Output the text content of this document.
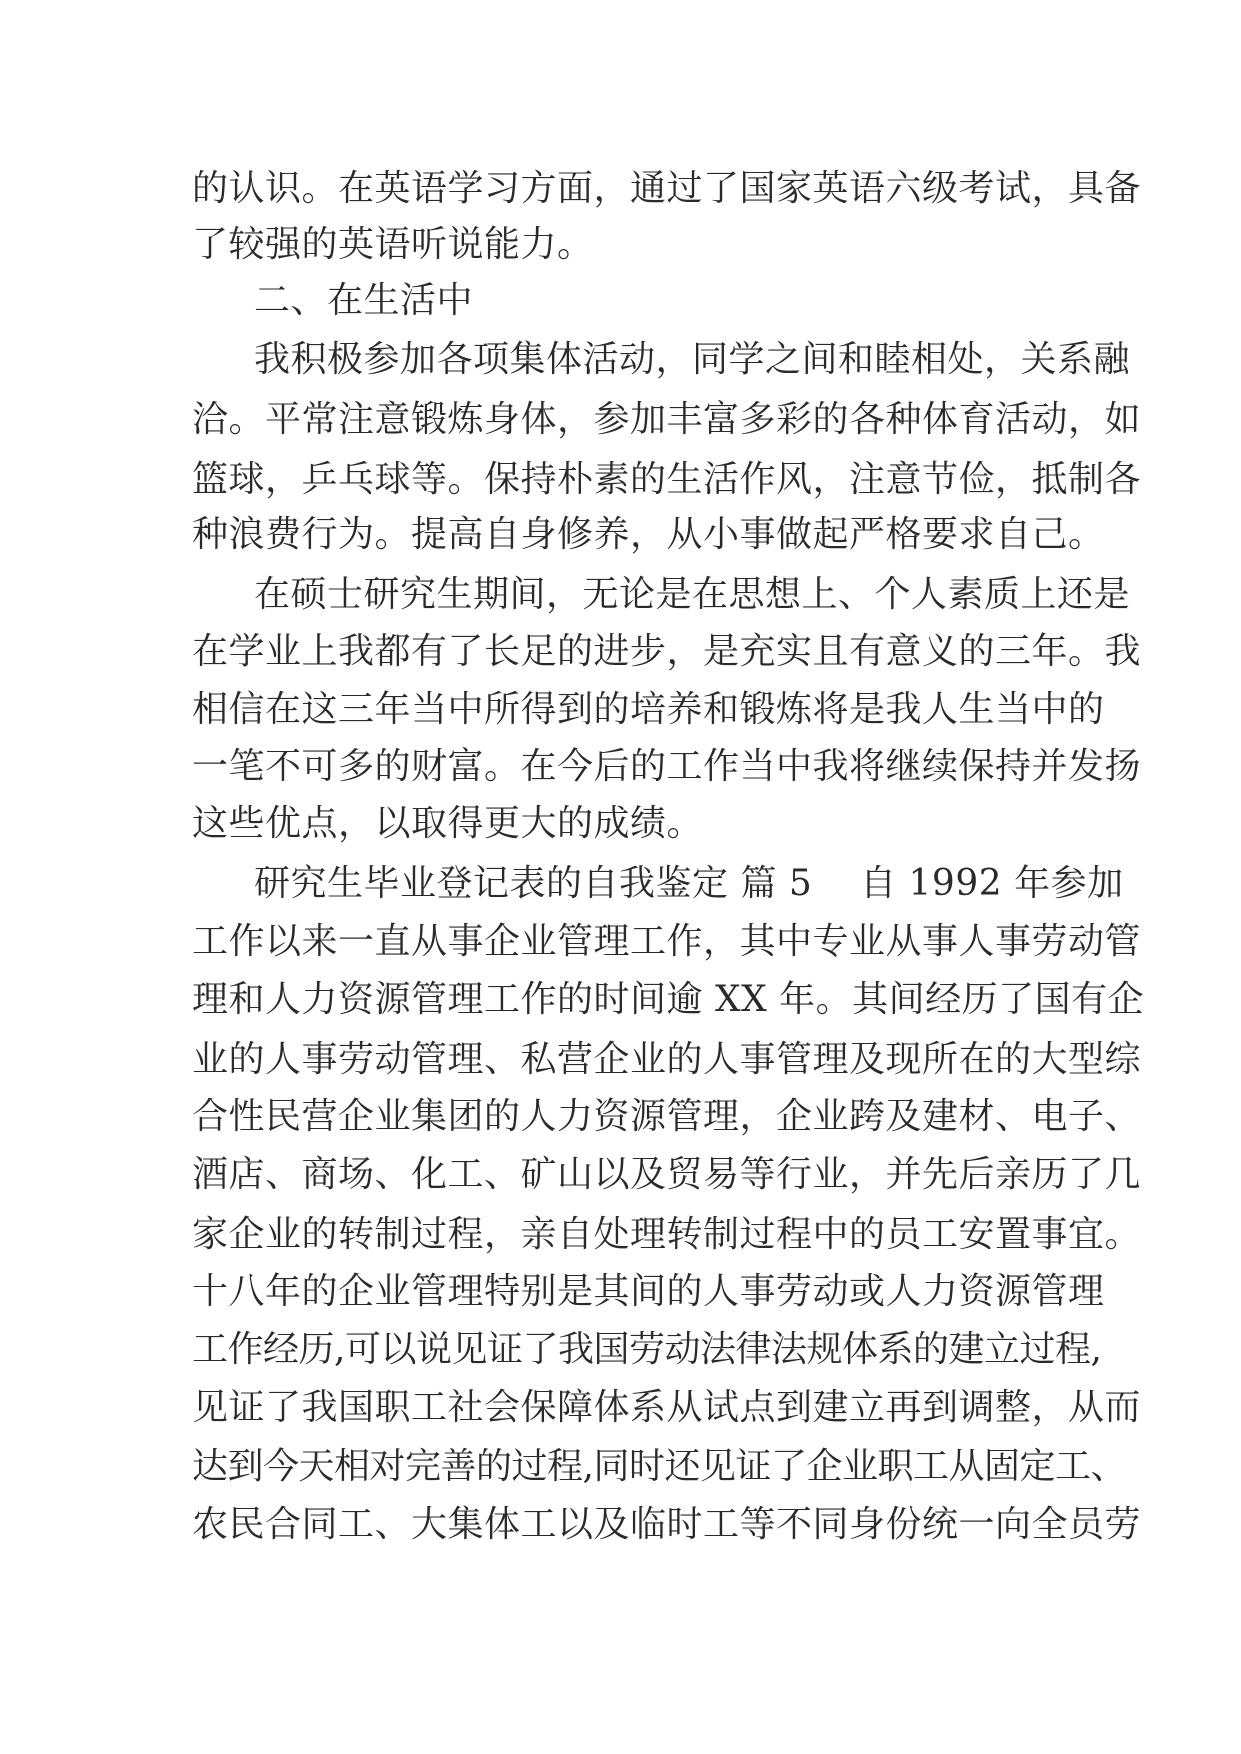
的认识。在英语学习方面，通过了国家英语六级考试，具备
了较强的英语听说能力。
二、在生活中
我积极参加各项集体活动，同学之间和睦相处，关系融
洽。平常注意锻炼身体，参加丰富多彩的各种体育活动，如
篮球，乒乓球等。保持朴素的生活作风，注意节俭，抵制各
种浪费行为。提高自身修养，从小事做起严格要求自己。
在硕士研究生期间，无论是在思想上、个人素质上还是
在学业上我都有了长足的进步，是充实且有意义的三年。我
相信在这三年当中所得到的培养和锻炼将是我人生当中的
一笔不可多的财富。在今后的工作当中我将继续保持并发扬
这些优点，以取得更大的成绩。
研究生毕业登记表的自我鉴定 篇 5    自 1992 年参加
工作以来一直从事企业管理工作，其中专业从事人事劳动管
理和人力资源管理工作的时间逾 XX 年。其间经历了国有企
业的人事劳动管理、私营企业的人事管理及现所在的大型综
合性民营企业集团的人力资源管理，企业跨及建材、电子、
酒店、商场、化工、矿山以及贸易等行业，并先后亲历了几
家企业的转制过程，亲自处理转制过程中的员工安置事宜。
十八年的企业管理特别是其间的人事劳动或人力资源管理
工作经历,可以说见证了我国劳动法律法规体系的建立过程,
见证了我国职工社会保障体系从试点到建立再到调整，从而
达到今天相对完善的过程,同时还见证了企业职工从固定工、
农民合同工、大集体工以及临时工等不同身份统一向全员劳
